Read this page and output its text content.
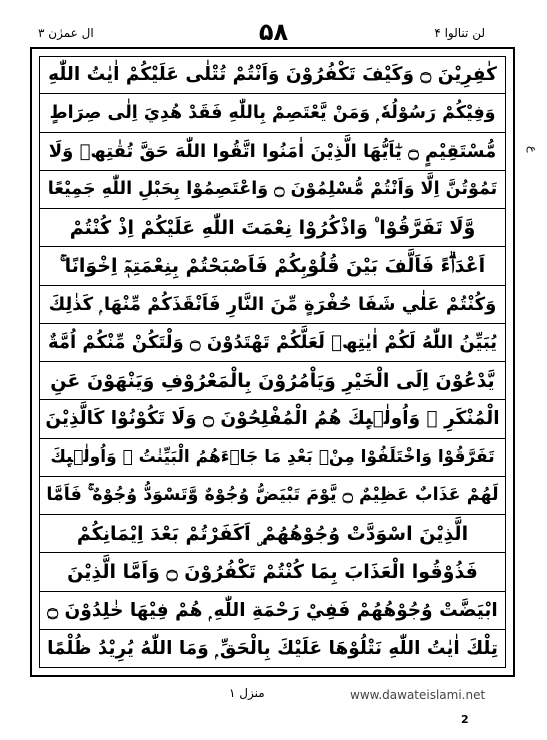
لن تنالوا ۴
۵۸
ال عمرٰن ۳
كٰفِرِيْنَ ۝ وَكَيْفَ تَكْفُرُوْنَ وَاَنْتُمْ تُتْلٰى عَلَيْكُمْ اٰيٰتُ اللّٰهِ
وَفِيْكُمْ رَسُوْلُهٗ ۭ وَمَنْ يَّعْتَصِمْ بِاللّٰهِ فَقَدْ ھُدِيَ اِلٰى صِرَاطٍ
مُّسْتَقِيْمٍ ۝ يٰٓاَيُّھَا الَّذِيْنَ اٰمَنُوا اتَّقُوا اللّٰهَ حَقَّ تُقٰتِھٖ وَلَا
تَمُوْتُنَّ اِلَّا وَاَنْتُمْ مُّسْلِمُوْنَ ۝ وَاعْتَصِمُوْا بِحَبْلِ اللّٰهِ جَمِيْعًا
وَّلَا تَفَرَّقُوْا ۠ وَاذْكُرُوْا نِعْمَتَ اللّٰهِ عَلَيْكُمْ اِذْ كُنْتُمْ
اَعْدَاۗءً فَاَلَّفَ بَيْنَ قُلُوْبِكُمْ فَاَصْبَحْتُمْ بِنِعْمَتِھٖٓ اِخْوَانًا ۚ
وَكُنْتُمْ عَلٰي شَفَا حُفْرَةٍ مِّنَ النَّارِ فَاَنْقَذَكُمْ مِّنْھَا ۭ كَذٰلِكَ
يُبَيِّنُ اللّٰهُ لَكُمْ اٰيٰتِھٖ لَعَلَّكُمْ تَھْتَدُوْنَ ۝ وَلْتَكُنْ مِّنْكُمْ اُمَّةٌ
يَّدْعُوْنَ اِلَى الْخَيْرِ وَيَاْمُرُوْنَ بِالْمَعْرُوْفِ وَيَنْهَوْنَ عَنِ
الْمُنْكَرِ ۭ وَاُولٰۗىِٕكَ ھُمُ الْمُفْلِحُوْنَ ۝ وَلَا تَكُوْنُوْا كَالَّذِيْنَ
تَفَرَّقُوْا وَاخْتَلَفُوْا مِنْۢ بَعْدِ مَا جَاۗءَھُمُ الْبَيِّنٰتُ ۭ وَاُولٰۗىِٕكَ
لَھُمْ عَذَابٌ عَظِيْمٌ ۝ يَّوْمَ تَبْيَضُّ وُجُوْهٌ وَّتَسْوَدُّ وُجُوْهٌ ۚ فَاَمَّا
الَّذِيْنَ اسْوَدَّتْ وُجُوْھُھُمْ ۣ اَكَفَرْتُمْ بَعْدَ اِيْمَانِكُمْ
فَذُوْقُوا الْعَذَابَ بِمَا كُنْتُمْ تَكْفُرُوْنَ ۝ وَاَمَّا الَّذِيْنَ
ابْيَضَّتْ وُجُوْھُھُمْ فَفِيْ رَحْمَةِ اللّٰهِ ۭ ھُمْ فِيْھَا خٰلِدُوْنَ ۝
تِلْكَ اٰيٰتُ اللّٰهِ نَتْلُوْھَا عَلَيْكَ بِالْحَقِّ ۭ وَمَا اللّٰهُ يُرِيْدُ ظُلْمًا
ع
منزل ۱	www.dawateislami.net
2
